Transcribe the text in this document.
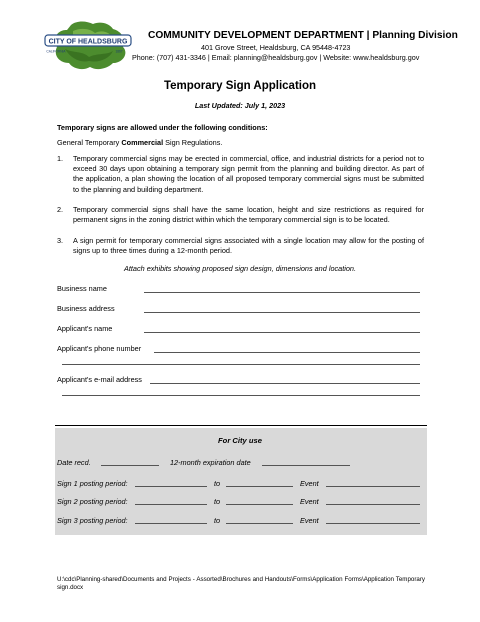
CITY OF HEALDSBURG
CALIFORNIA	1867
COMMUNITY DEVELOPMENT DEPARTMENT | Planning Division
401 Grove Street, Healdsburg, CA 95448-4723
Phone: (707) 431-3346 | Email: planning@healdsburg.gov | Website: www.healdsburg.gov
Temporary Sign Application
Last Updated: July 1, 2023
Temporary signs are allowed under the following conditions:
General Temporary Commercial Sign Regulations.
1. Temporary commercial signs may be erected in commercial, office, and industrial districts for a period not to exceed 30 days upon obtaining a temporary sign permit from the planning and building director. As part of the application, a plan showing the location of all proposed temporary commercial signs must be submitted to the planning and building department.
2. Temporary commercial signs shall have the same location, height and size restrictions as required for permanent signs in the zoning district within which the temporary commercial sign is to be located.
3. A sign permit for temporary commercial signs associated with a single location may allow for the posting of signs up to three times during a 12-month period.
Attach exhibits showing proposed sign design, dimensions and location.
Business name
Business address
Applicant's name
Applicant's phone number
Applicant's e-mail address
For City use
Date recd.	12-month expiration date
Sign 1 posting period:	to	Event
Sign 2 posting period:	to	Event
Sign 3 posting period:	to	Event
U:\cdc\Planning-shared\Documents and Projects - Assorted\Brochures and Handouts\Forms\Application Forms\Application Temporary sign.docx
